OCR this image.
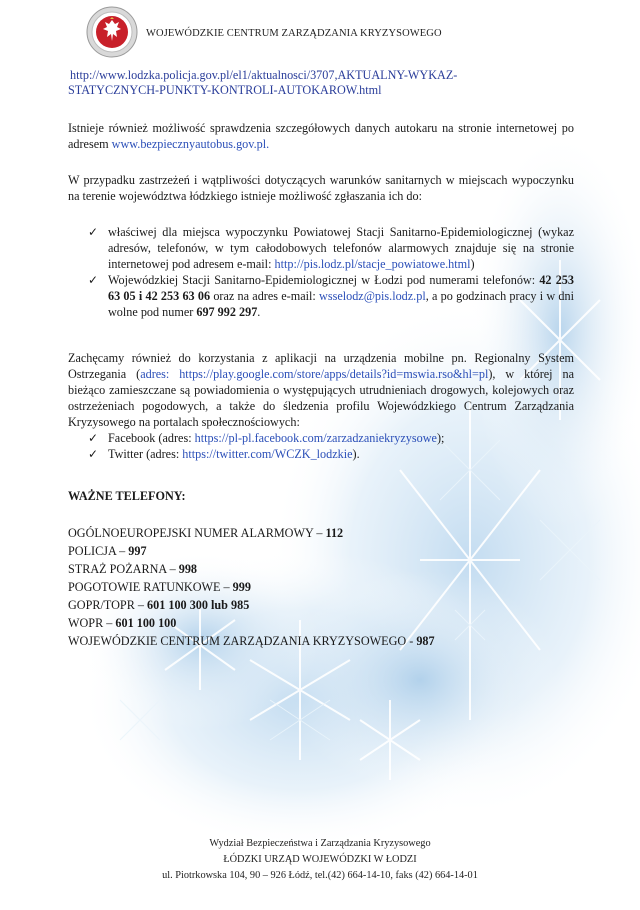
WOJEWÓDZKIE CENTRUM ZARZĄDZANIA KRYZYSOWEGO
http://www.lodzka.policja.gov.pl/el1/aktualnosci/3707,AKTUALNY-WYKAZ-
STATYCZNYCH-PUNKTY-KONTROLI-AUTOKAROW.html
Istnieje również możliwość sprawdzenia szczegółowych danych autokaru na stronie internetowej po adresem www.bezpiecznyautobus.gov.pl.
W przypadku zastrzeżeń i wątpliwości dotyczących warunków sanitarnych w miejscach wypoczynku na terenie województwa łódzkiego istnieje możliwość zgłaszania ich do:
✓ właściwej dla miejsca wypoczynku Powiatowej Stacji Sanitarno-Epidemiologicznej (wykaz adresów, telefonów, w tym całodobowych telefonów alarmowych znajduje się na stronie internetowej pod adresem e-mail: http://pis.lodz.pl/stacje_powiatowe.html)
✓ Wojewódzkiej Stacji Sanitarno-Epidemiologicznej w Łodzi pod numerami telefonów: 42 253 63 05 i 42 253 63 06 oraz na adres e-mail: wsselodz@pis.lodz.pl, a po godzinach pracy i w dni wolne pod numer 697 992 297.
Zachęcamy również do korzystania z aplikacji na urządzenia mobilne pn. Regionalny System Ostrzegania (adres: https://play.google.com/store/apps/details?id=mswia.rso&hl=pl), w której na bieżąco zamieszczane są powiadomienia o występujących utrudnieniach drogowych, kolejowych oraz ostrzeżeniach pogodowych, a także do śledzenia profilu Wojewódzkiego Centrum Zarządzania Kryzysowego na portalach społecznościowych:
✓ Facebook (adres: https://pl-pl.facebook.com/zarzadzaniekryzysowe);
✓ Twitter (adres: https://twitter.com/WCZK_lodzkie).
WAŻNE TELEFONY:
OGÓLNOEUROPEJSKI NUMER ALARMOWY – 112
POLICJA – 997
STRAŻ POŻARNA – 998
POGOTOWIE RATUNKOWE – 999
GOPR/TOPR – 601 100 300 lub 985
WOPR – 601 100 100
WOJEWÓDZKIE CENTRUM ZARZĄDZANIA KRYZYSOWEGO - 987
Wydział Bezpieczeństwa i Zarządzania Kryzysowego
ŁÓDZKI URZĄD WOJEWÓDZKI W ŁODZI
ul. Piotrkowska 104, 90 – 926 Łódź, tel.(42) 664-14-10, faks (42) 664-14-01
